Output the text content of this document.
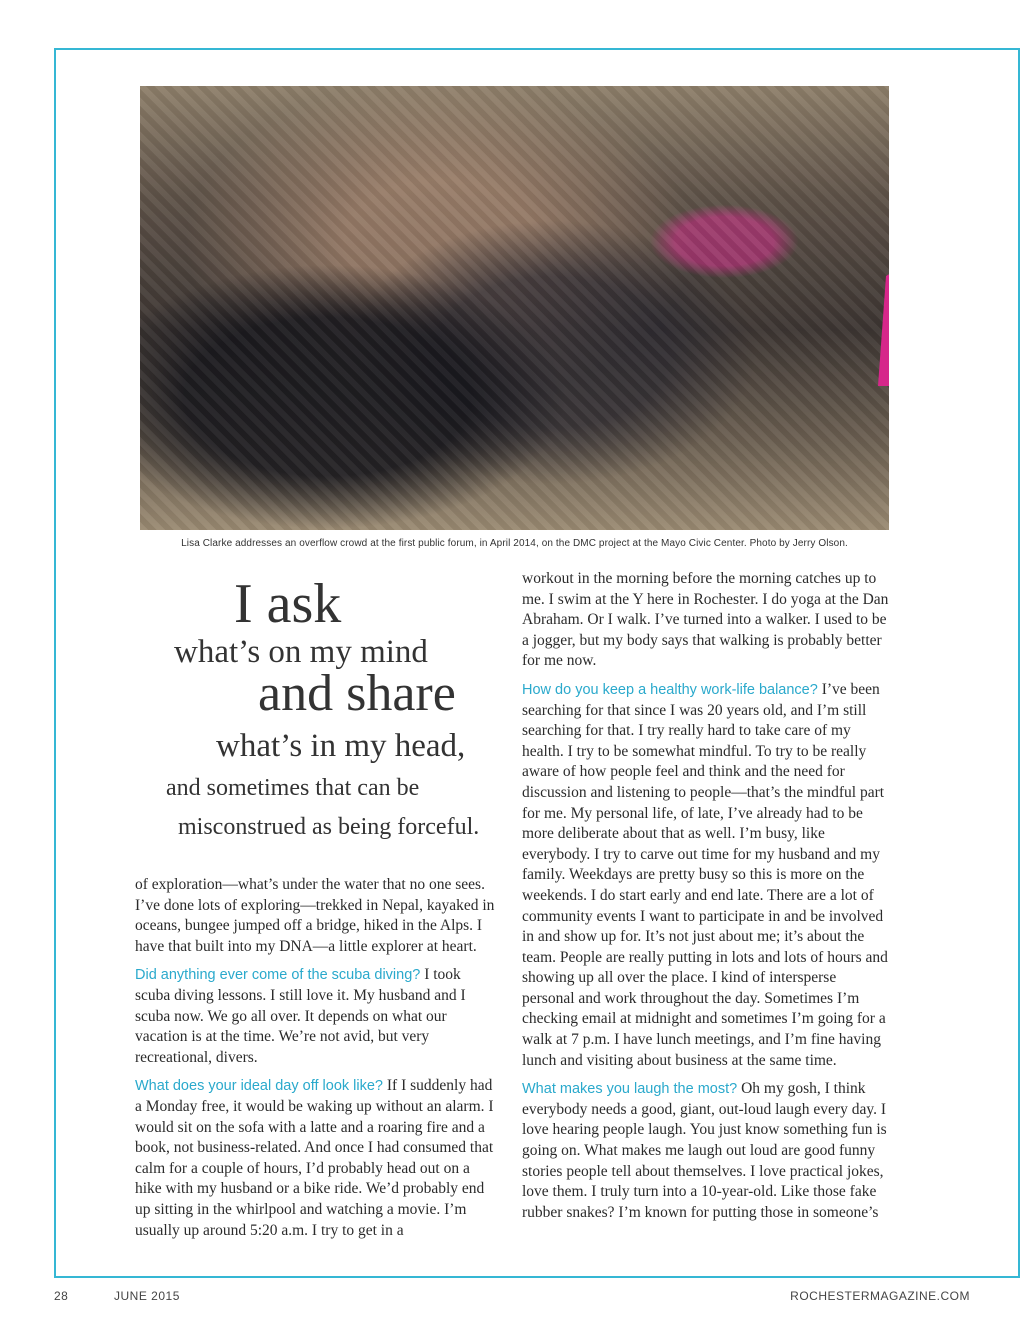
Lisa Clarke addresses an overflow crowd at the first public forum, in April 2014, on the DMC project at the Mayo Civic Center. Photo by Jerry Olson.
I ask
what’s on my mind
and share
what’s in my head,
and sometimes that can be
misconstrued as being forceful.

of exploration—what’s under the water that no one sees. I’ve done lots of exploring—trekked in Nepal, kayaked in oceans, bungee jumped off a bridge, hiked in the Alps. I have that built into my DNA—a little explorer at heart.

Did anything ever come of the scuba diving? I took scuba diving lessons. I still love it. My husband and I scuba now. We go all over. It depends on what our vacation is at the time. We’re not avid, but very recreational, divers.

What does your ideal day off look like? If I suddenly had a Monday free, it would be waking up without an alarm. I would sit on the sofa with a latte and a roaring fire and a book, not business-related. And once I had consumed that calm for a couple of hours, I’d probably head out on a hike with my husband or a bike ride. We’d probably end up sitting in the whirlpool and watching a movie. I’m usually up around 5:20 a.m. I try to get in a

workout in the morning before the morning catches up to me. I swim at the Y here in Rochester. I do yoga at the Dan Abraham. Or I walk. I’ve turned into a walker. I used to be a jogger, but my body says that walking is probably better for me now.

How do you keep a healthy work-life balance? I’ve been searching for that since I was 20 years old, and I’m still searching for that. I try really hard to take care of my health. I try to be somewhat mindful. To try to be really aware of how people feel and think and the need for discussion and listening to people—that’s the mindful part for me. My personal life, of late, I’ve already had to be more deliberate about that as well. I’m busy, like everybody. I try to carve out time for my husband and my family. Weekdays are pretty busy so this is more on the weekends. I do start early and end late. There are a lot of community events I want to participate in and be involved in and show up for. It’s not just about me; it’s about the team. People are really putting in lots and lots of hours and showing up all over the place. I kind of intersperse personal and work throughout the day. Sometimes I’m checking email at midnight and sometimes I’m going for a walk at 7 p.m. I have lunch meetings, and I’m fine having lunch and visiting about business at the same time.

What makes you laugh the most? Oh my gosh, I think everybody needs a good, giant, out-loud laugh every day. I love hearing people laugh. You just know something fun is going on. What makes me laugh out loud are good funny stories people tell about themselves. I love practical jokes, love them. I truly turn into a 10-year-old. Like those fake rubber snakes? I’m known for putting those in someone’s

28	JUNE 2015	ROCHESTERMAGAZINE.COM
